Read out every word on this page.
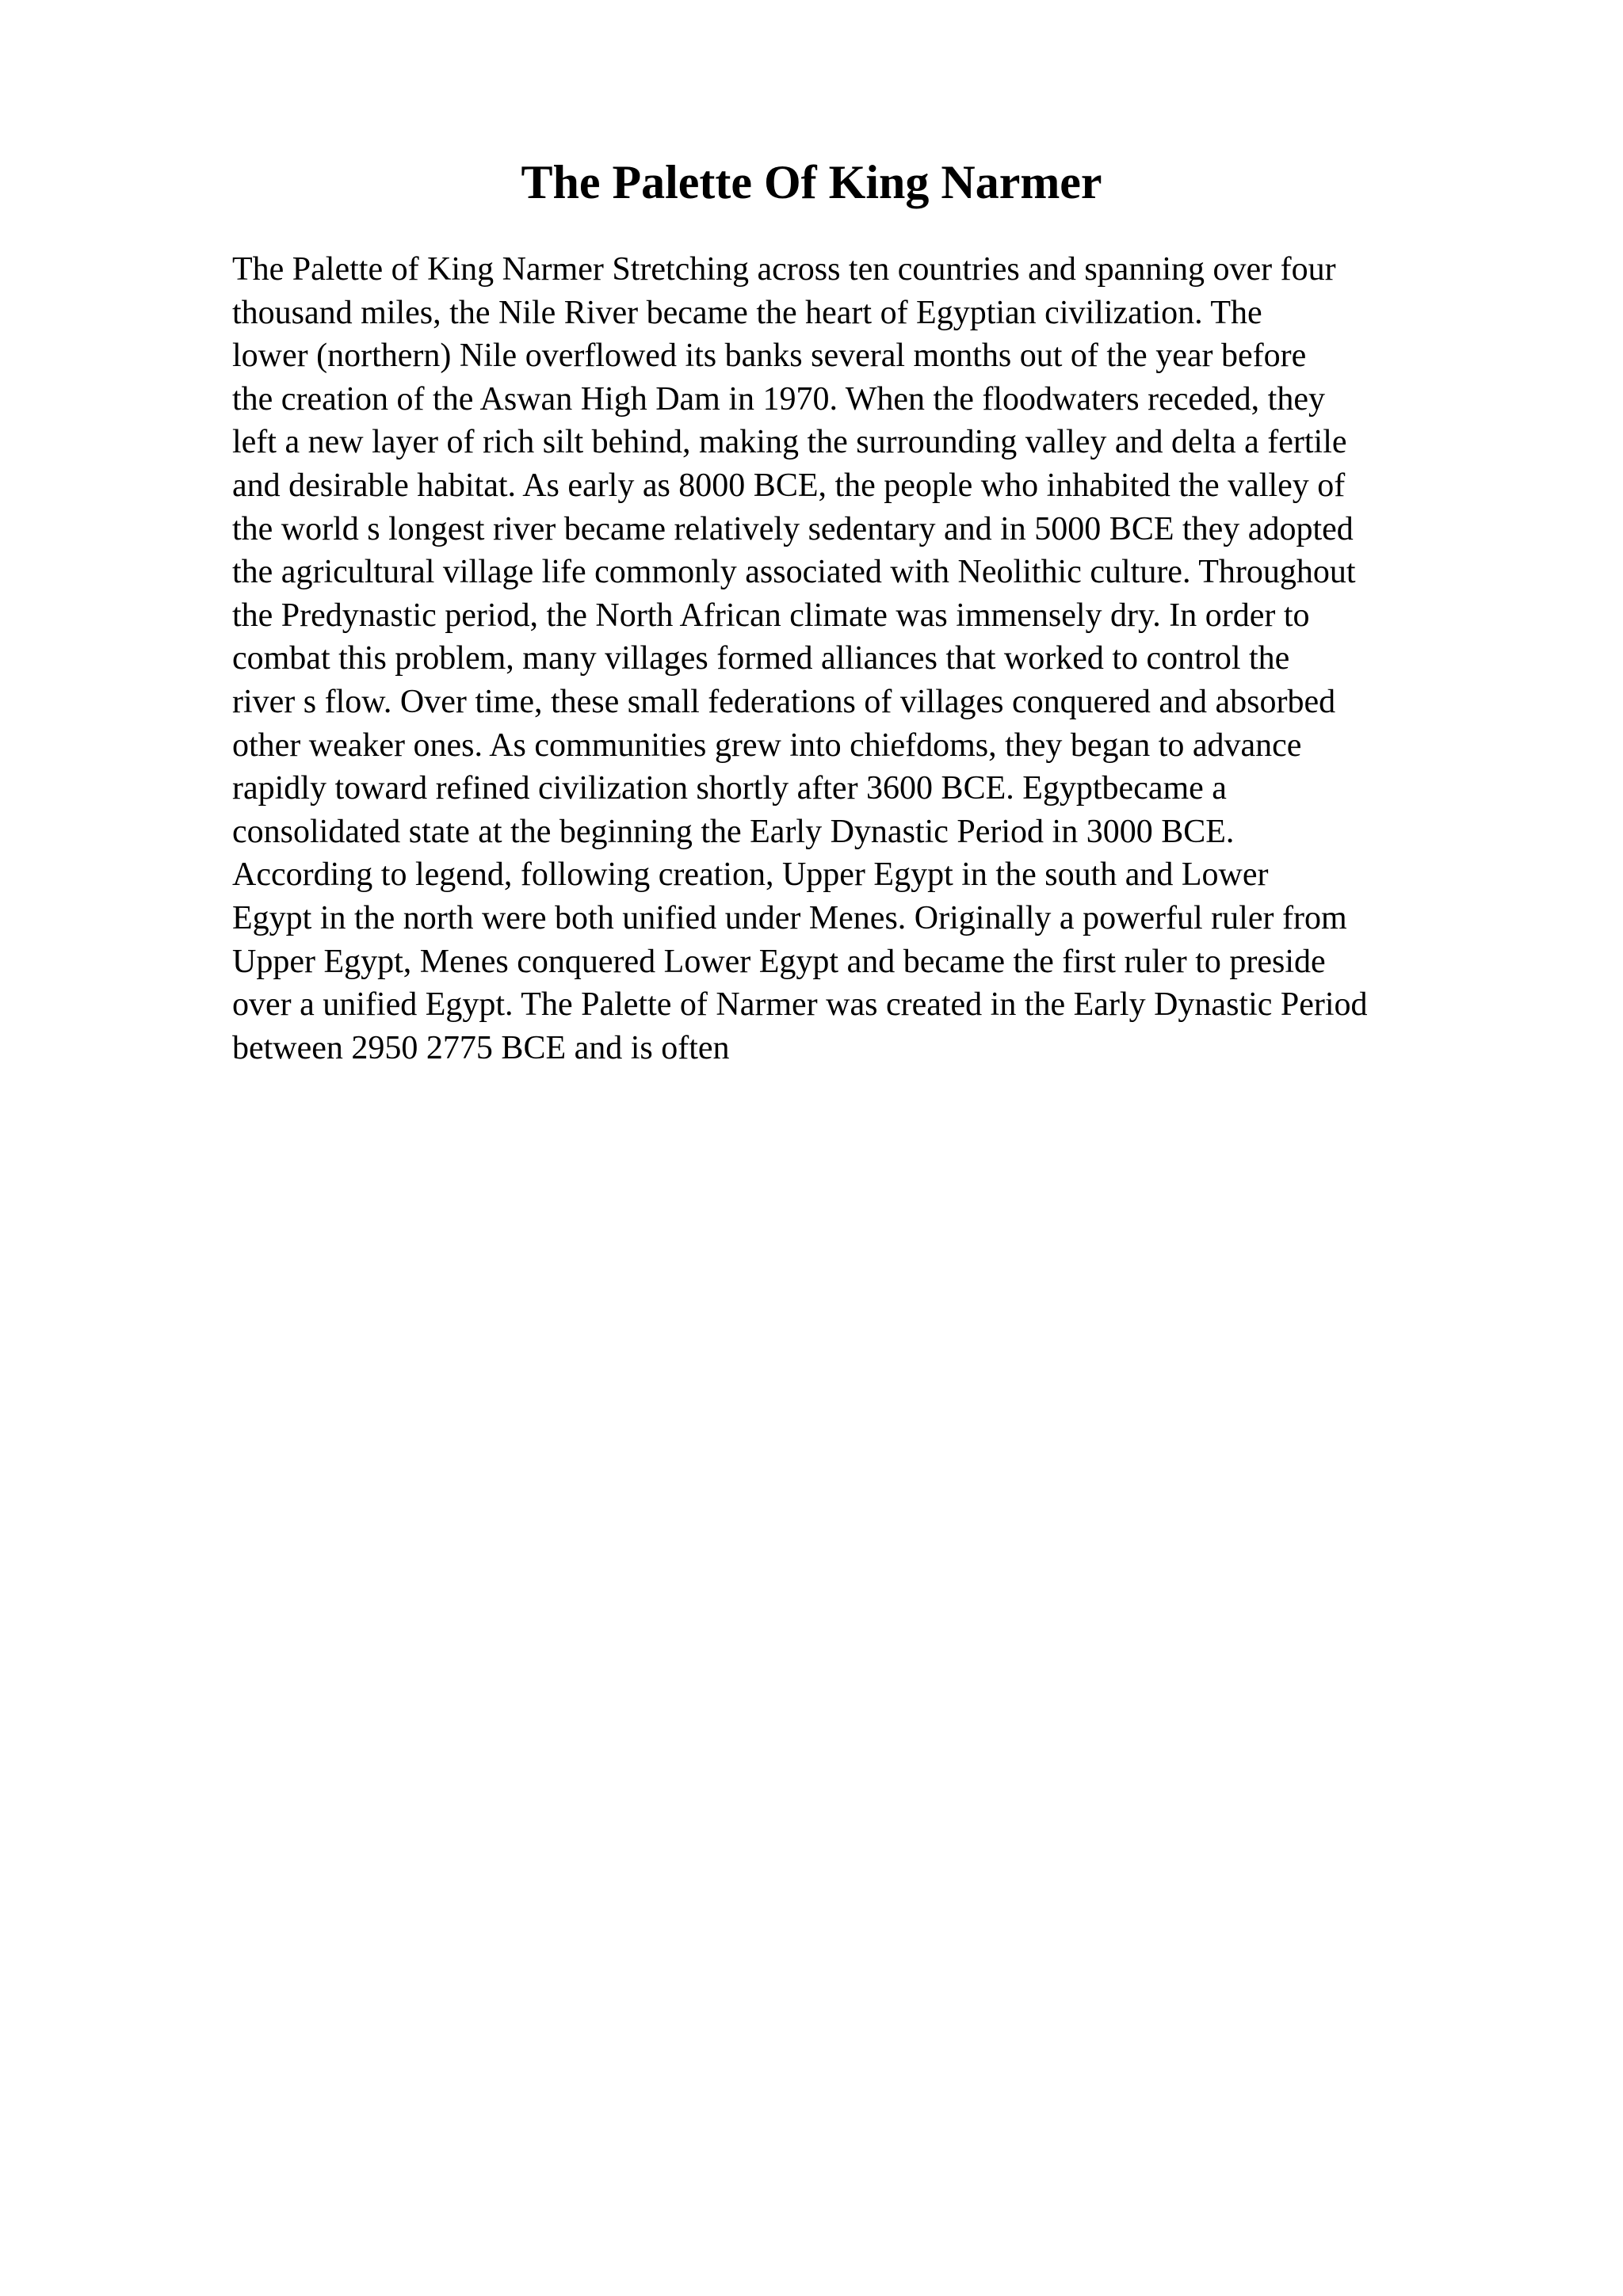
The Palette Of King Narmer
The Palette of King Narmer Stretching across ten countries and spanning over four
thousand miles, the Nile River became the heart of Egyptian civilization. The
lower (northern) Nile overflowed its banks several months out of the year before
the creation of the Aswan High Dam in 1970. When the floodwaters receded, they
left a new layer of rich silt behind, making the surrounding valley and delta a fertile
and desirable habitat. As early as 8000 BCE, the people who inhabited the valley of
the world s longest river became relatively sedentary and in 5000 BCE they adopted
the agricultural village life commonly associated with Neolithic culture. Throughout
the Predynastic period, the North African climate was immensely dry. In order to
combat this problem, many villages formed alliances that worked to control the
river s flow. Over time, these small federations of villages conquered and absorbed
other weaker ones. As communities grew into chiefdoms, they began to advance
rapidly toward refined civilization shortly after 3600 BCE. Egyptbecame a
consolidated state at the beginning the Early Dynastic Period in 3000 BCE.
According to legend, following creation, Upper Egypt in the south and Lower
Egypt in the north were both unified under Menes. Originally a powerful ruler from
Upper Egypt, Menes conquered Lower Egypt and became the first ruler to preside
over a unified Egypt. The Palette of Narmer was created in the Early Dynastic Period
between 2950 2775 BCE and is often
